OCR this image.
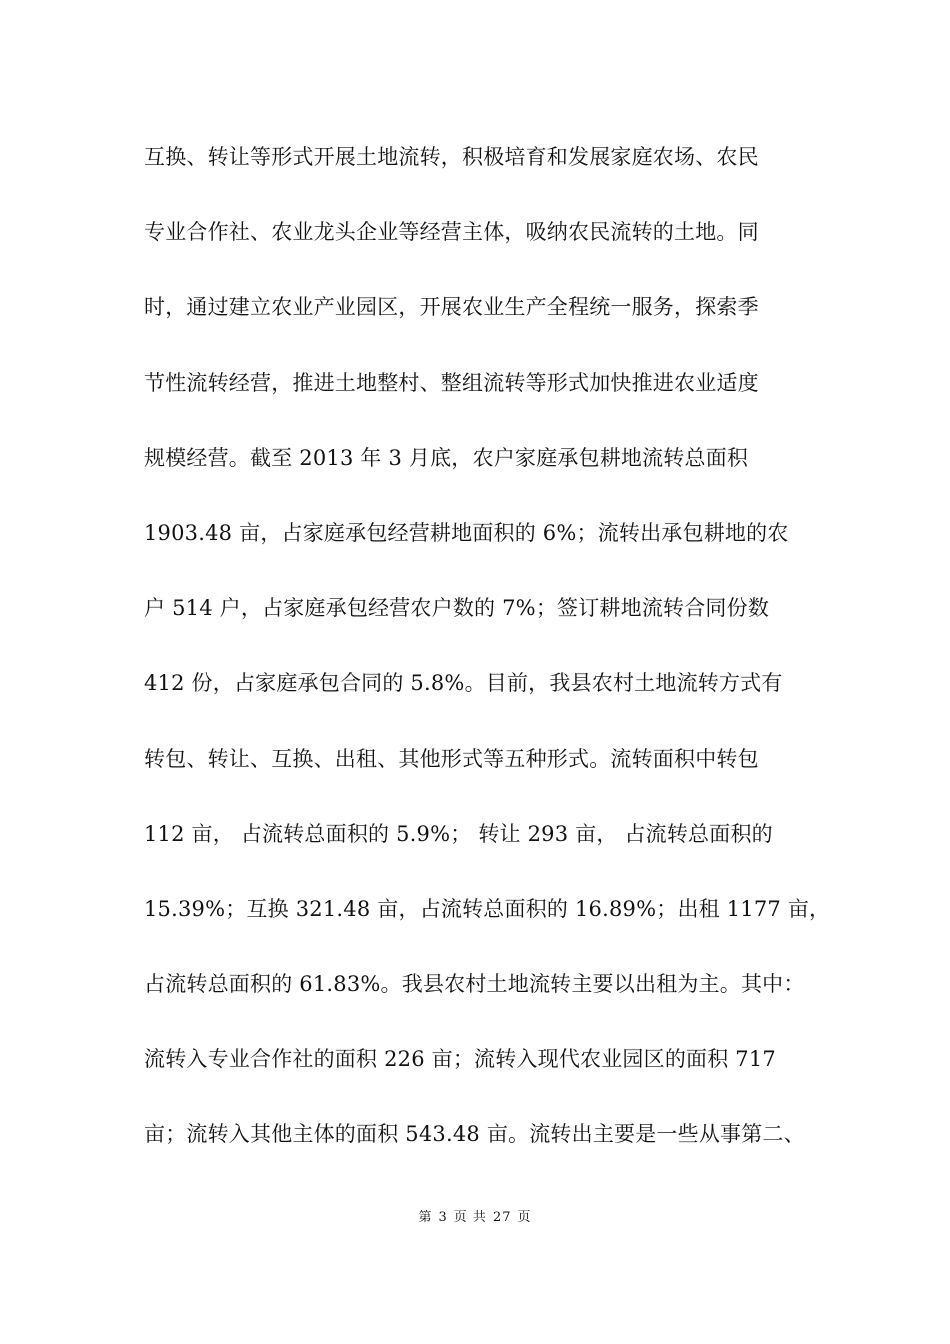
互换、转让等形式开展土地流转，积极培育和发展家庭农场、农民
专业合作社、农业龙头企业等经营主体，吸纳农民流转的土地。同
时，通过建立农业产业园区，开展农业生产全程统一服务，探索季
节性流转经营，推进土地整村、整组流转等形式加快推进农业适度
规模经营。截至 2013 年 3 月底，农户家庭承包耕地流转总面积
1903.48 亩，占家庭承包经营耕地面积的 6%；流转出承包耕地的农
户 514 户，占家庭承包经营农户数的 7%；签订耕地流转合同份数
412 份，占家庭承包合同的 5.8%。目前，我县农村土地流转方式有
转包、转让、互换、出租、其他形式等五种形式。流转面积中转包
112 亩， 占流转总面积的 5.9%； 转让 293 亩， 占流转总面积的
15.39%；互换 321.48 亩，占流转总面积的 16.89%；出租 1177 亩，
占流转总面积的 61.83%。我县农村土地流转主要以出租为主。其中：
流转入专业合作社的面积 226 亩；流转入现代农业园区的面积 717
亩；流转入其他主体的面积 543.48 亩。流转出主要是一些从事第二、
第 3 页 共 27 页
